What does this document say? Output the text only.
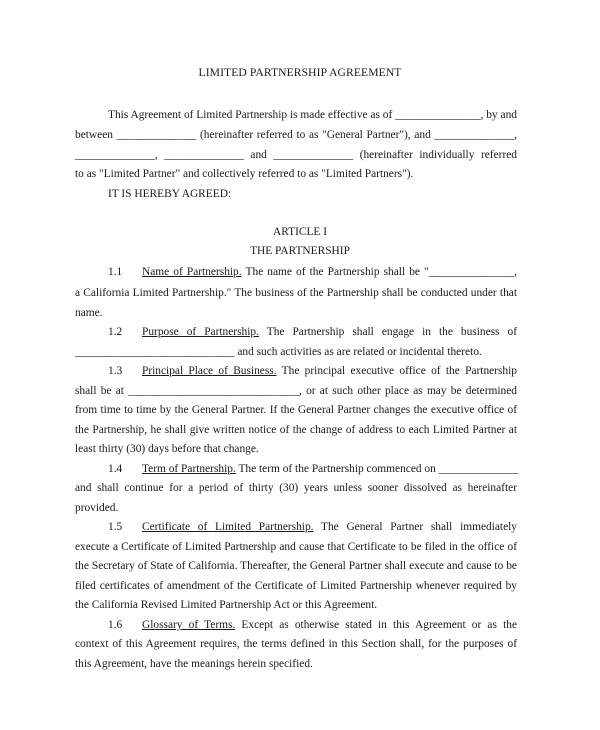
LIMITED PARTNERSHIP AGREEMENT
This Agreement of Limited Partnership is made effective as of _______________, by and
between ______________ (hereinafter referred to as "General Partner"), and ______________,
______________, ______________ and ______________ (hereinafter individually referred
to as "Limited Partner" and collectively referred to as "Limited Partners").
IT IS HEREBY AGREED:
ARTICLE I
THE PARTNERSHIP
1.1 Name of Partnership. The name of the Partnership shall be "_______________,
a California Limited Partnership." The business of the Partnership shall be conducted under that
name.
1.2 Purpose of Partnership. The Partnership shall engage in the business of
____________________________ and such activities as are related or incidental thereto.
1.3 Principal Place of Business. The principal executive office of the Partnership
shall be at ______________________________, or at such other place as may be determined
from time to time by the General Partner. If the General Partner changes the executive office of
the Partnership, he shall give written notice of the change of address to each Limited Partner at
least thirty (30) days before that change.
1.4 Term of Partnership. The term of the Partnership commenced on ______________
and shall continue for a period of thirty (30) years unless sooner dissolved as hereinafter
provided.
1.5 Certificate of Limited Partnership. The General Partner shall immediately
execute a Certificate of Limited Partnership and cause that Certificate to be filed in the office of
the Secretary of State of California. Thereafter, the General Partner shall execute and cause to be
filed certificates of amendment of the Certificate of Limited Partnership whenever required by
the California Revised Limited Partnership Act or this Agreement.
1.6 Glossary of Terms. Except as otherwise stated in this Agreement or as the
context of this Agreement requires, the terms defined in this Section shall, for the purposes of
this Agreement, have the meanings herein specified.
